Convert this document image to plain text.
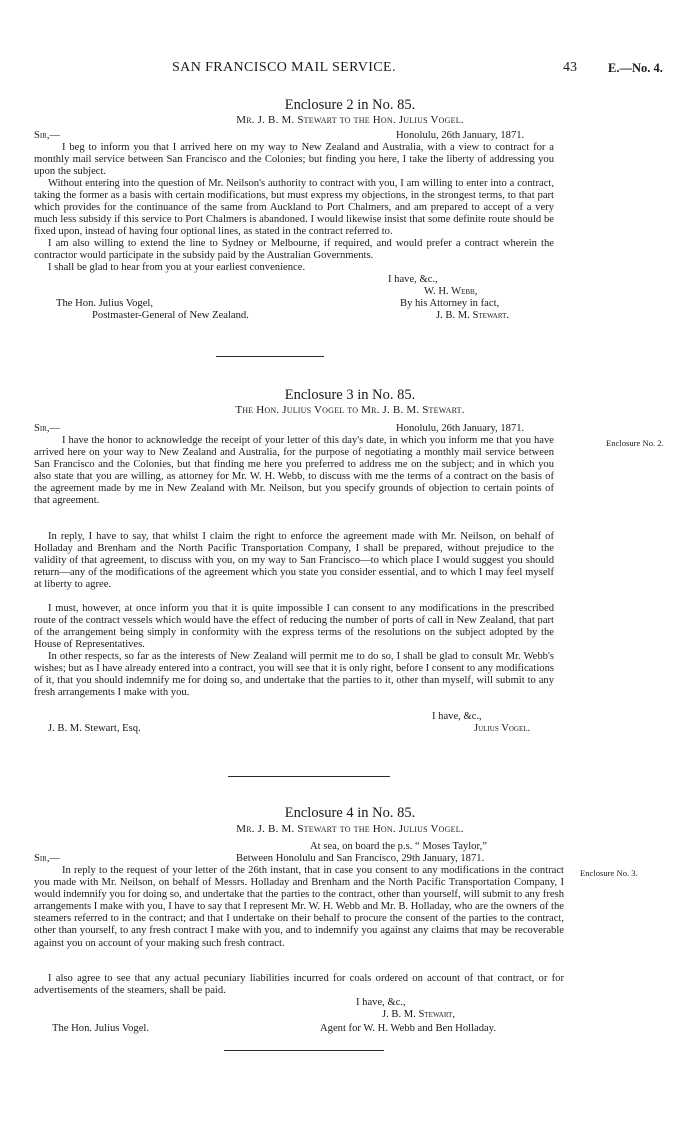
SAN FRANCISCO MAIL SERVICE.	43 E.—No. 4.
Enclosure 2 in No. 85.
Mr. J. B. M. Stewart to the Hon. Julius Vogel.
Sir,—	Honolulu, 26th January, 1871.
I beg to inform you that I arrived here on my way to New Zealand and Australia, with a view to contract for a monthly mail service between San Francisco and the Colonies; but finding you here, I take the liberty of addressing you upon the subject.
Without entering into the question of Mr. Neilson's authority to contract with you, I am willing to enter into a contract, taking the former as a basis with certain modifications, but must express my objections, in the strongest terms, to that part which provides for the continuance of the same from Auckland to Port Chalmers, and am prepared to accept of a very much less subsidy if this service to Port Chalmers is abandoned. I would likewise insist that some definite route should be fixed upon, instead of having four optional lines, as stated in the contract referred to.
I am also willing to extend the line to Sydney or Melbourne, if required, and would prefer a contract wherein the contractor would participate in the subsidy paid by the Australian Governments.
I shall be glad to hear from you at your earliest convenience.
I have, &c.,
W. H. Webb,
The Hon. Julius Vogel,	By his Attorney in fact,
Postmaster-General of New Zealand.	J. B. M. Stewart.
Enclosure 3 in No. 85.
The Hon. Julius Vogel to Mr. J. B. M. Stewart.
Sir,—	Honolulu, 26th January, 1871.
I have the honor to acknowledge the receipt of your letter of this day's date, in which you inform me that you have arrived here on your way to New Zealand and Australia, for the purpose of negotiating a monthly mail service between San Francisco and the Colonies, but that finding me here you preferred to address me on the subject; and in which you also state that you are willing, as attorney for Mr. W. H. Webb, to discuss with me the terms of a contract on the basis of the agreement made by me in New Zealand with Mr. Neilson, but you specify grounds of objection to certain points of that agreement.
Enclosure No. 2.
In reply, I have to say, that whilst I claim the right to enforce the agreement made with Mr. Neilson, on behalf of Holladay and Brenham and the North Pacific Transportation Company, I shall be prepared, without prejudice to the validity of that agreement, to discuss with you, on my way to San Francisco—to which place I would suggest you should return—any of the modifications of the agreement which you state you consider essential, and to which I may feel myself at liberty to agree.
I must, however, at once inform you that it is quite impossible I can consent to any modifications in the prescribed route of the contract vessels which would have the effect of reducing the number of ports of call in New Zealand, that part of the arrangement being simply in conformity with the express terms of the resolutions on the subject adopted by the House of Representatives.
In other respects, so far as the interests of New Zealand will permit me to do so, I shall be glad to consult Mr. Webb's wishes; but as I have already entered into a contract, you will see that it is only right, before I consent to any modifications of it, that you should indemnify me for doing so, and undertake that the parties to it, other than myself, will submit to any fresh arrangements I make with you.
I have, &c.,
J. B. M. Stewart, Esq.	Julius Vogel.
Enclosure 4 in No. 85.
Mr. J. B. M. Stewart to the Hon. Julius Vogel.
At sea, on board the p.s. “ Moses Taylor,”
Sir,—	Between Honolulu and San Francisco, 29th January, 1871.
In reply to the request of your letter of the 26th instant, that in case you consent to any modifications in the contract you made with Mr. Neilson, on behalf of Messrs. Holladay and Brenham and the North Pacific Transportation Company, I would indemnify you for doing so, and undertake that the parties to the contract, other than yourself, will submit to any fresh arrangements I make with you, I have to say that I represent Mr. W. H. Webb and Mr. B. Holladay, who are the owners of the steamers referred to in the contract; and that I undertake on their behalf to procure the consent of the parties to the contract, other than yourself, to any fresh contract I make with you, and to indemnify you against any claims that may be recoverable against you on account of your making such fresh contract.
Enclosure No. 3.
I also agree to see that any actual pecuniary liabilities incurred for coals ordered on account of that contract, or for advertisements of the steamers, shall be paid.
I have, &c.,
J. B. M. Stewart,
The Hon. Julius Vogel.	Agent for W. H. Webb and Ben Holladay.
